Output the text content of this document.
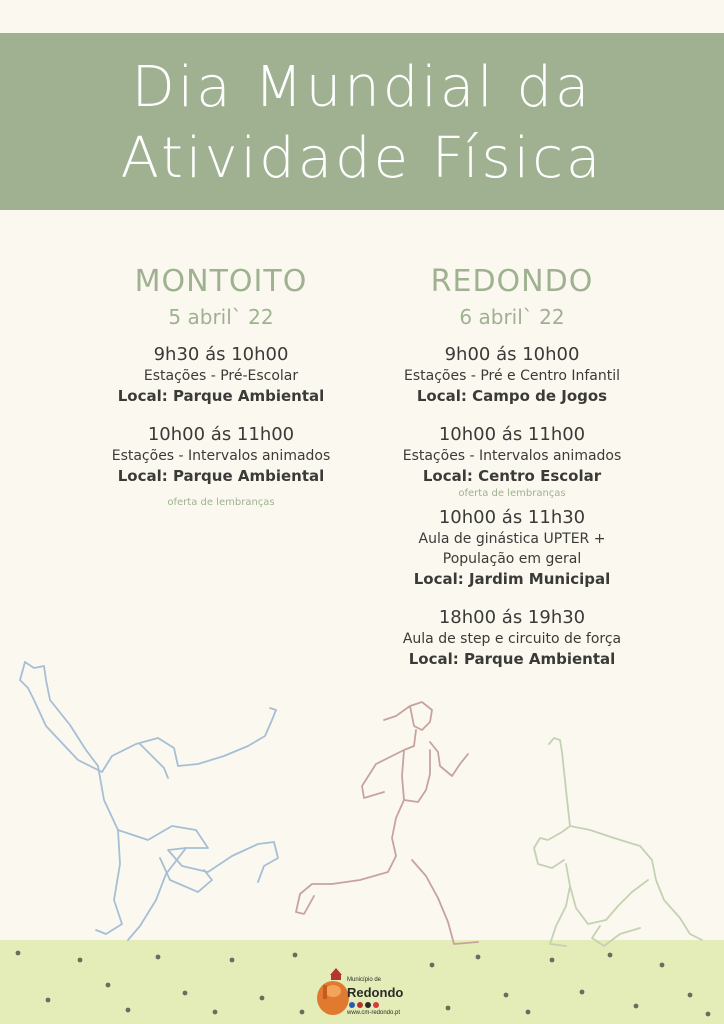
Dia Mundial da
Atividade Física
MONTOITO
5 abril` 22
9h30 ás 10h00
Estações - Pré-Escolar
Local: Parque Ambiental
10h00 ás 11h00
Estações - Intervalos animados
Local: Parque Ambiental
oferta de lembranças
REDONDO
6 abril` 22
9h00 ás 10h00
Estações - Pré e Centro Infantil
Local: Campo de Jogos
10h00 ás 11h00
Estações - Intervalos animados
Local: Centro Escolar
oferta de lembranças
10h00 ás 11h30
Aula de ginástica UPTER +
População em geral
Local: Jardim Municipal
18h00 ás 19h30
Aula de step e circuito de força
Local: Parque Ambiental
Município de
Redondo
www.cm-redondo.pt
